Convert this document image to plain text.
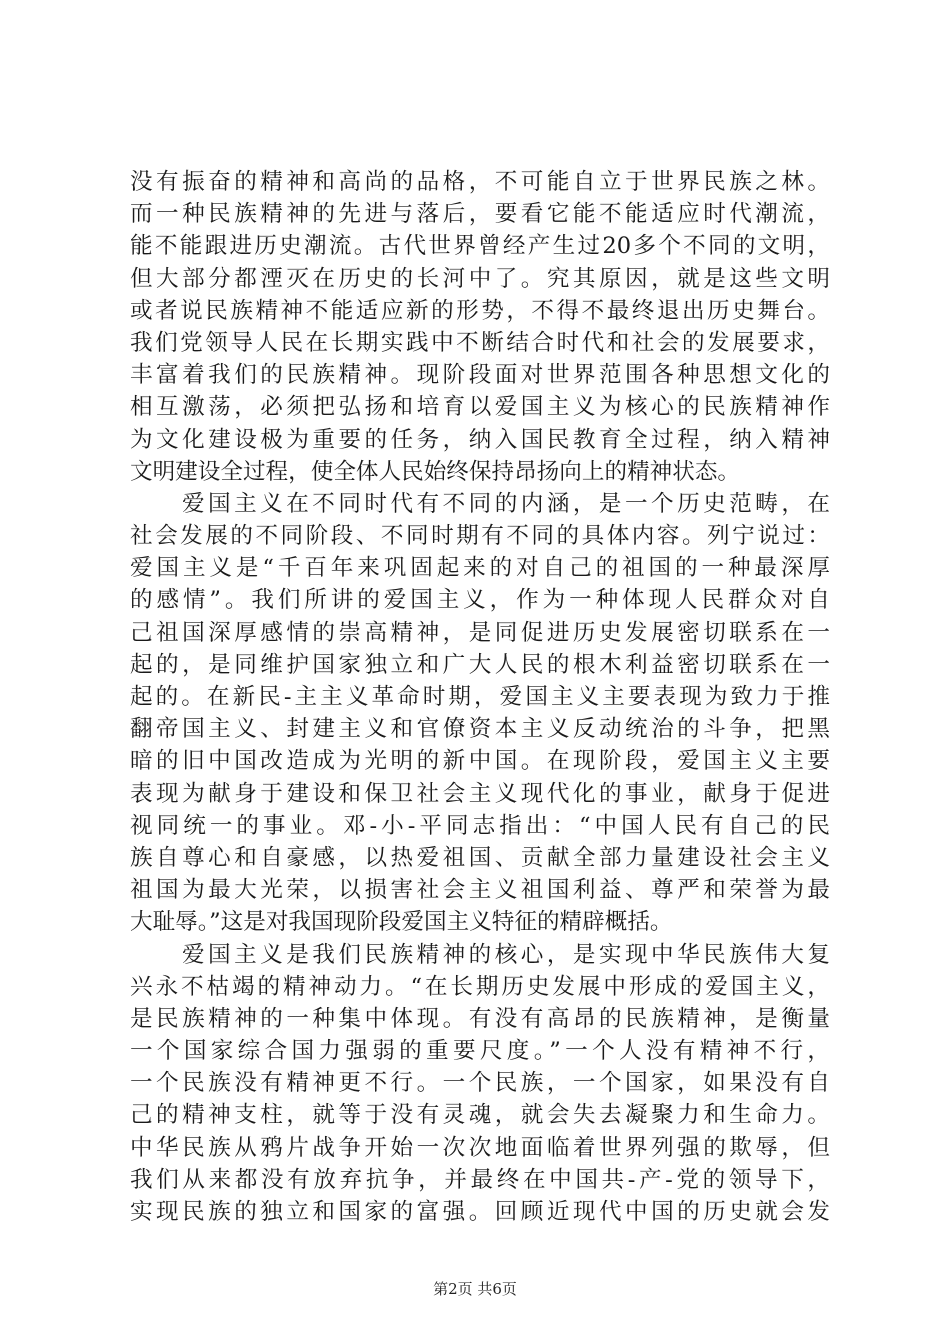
没有振奋的精神和高尚的品格，不可能自立于世界民族之林。
而一种民族精神的先进与落后，要看它能不能适应时代潮流，
能不能跟进历史潮流。古代世界曾经产生过20多个不同的文明，
但大部分都湮灭在历史的长河中了。究其原因，就是这些文明
或者说民族精神不能适应新的形势，不得不最终退出历史舞台。
我们党领导人民在长期实践中不断结合时代和社会的发展要求，
丰富着我们的民族精神。现阶段面对世界范围各种思想文化的
相互激荡，必须把弘扬和培育以爱国主义为核心的民族精神作
为文化建设极为重要的任务，纳入国民教育全过程，纳入精神
文明建设全过程，使全体人民始终保持昂扬向上的精神状态。
爱国主义在不同时代有不同的内涵，是一个历史范畴，在
社会发展的不同阶段、不同时期有不同的具体内容。列宁说过：
爱国主义是“千百年来巩固起来的对自己的祖国的一种最深厚
的感情”。我们所讲的爱国主义，作为一种体现人民群众对自
己祖国深厚感情的崇高精神，是同促进历史发展密切联系在一
起的，是同维护国家独立和广大人民的根木利益密切联系在一
起的。在新民-主主义革命时期，爱国主义主要表现为致力于推
翻帝国主义、封建主义和官僚资本主义反动统治的斗争，把黑
暗的旧中国改造成为光明的新中国。在现阶段，爱国主义主要
表现为献身于建设和保卫社会主义现代化的事业，献身于促进
视同统一的事业。邓-小-平同志指出：“中国人民有自己的民
族自尊心和自豪感，以热爱祖国、贡献全部力量建设社会主义
祖国为最大光荣，以损害社会主义祖国利益、尊严和荣誉为最
大耻辱。”这是对我国现阶段爱国主义特征的精辟概括。
爱国主义是我们民族精神的核心，是实现中华民族伟大复
兴永不枯竭的精神动力。“在长期历史发展中形成的爱国主义，
是民族精神的一种集中体现。有没有高昂的民族精神，是衡量
一个国家综合国力强弱的重要尺度。”一个人没有精神不行，
一个民族没有精神更不行。一个民族，一个国家，如果没有自
己的精神支柱，就等于没有灵魂，就会失去凝聚力和生命力。
中华民族从鸦片战争开始一次次地面临着世界列强的欺辱，但
我们从来都没有放弃抗争，并最终在中国共-产-党的领导下，
实现民族的独立和国家的富强。回顾近现代中国的历史就会发
第2页 共6页
